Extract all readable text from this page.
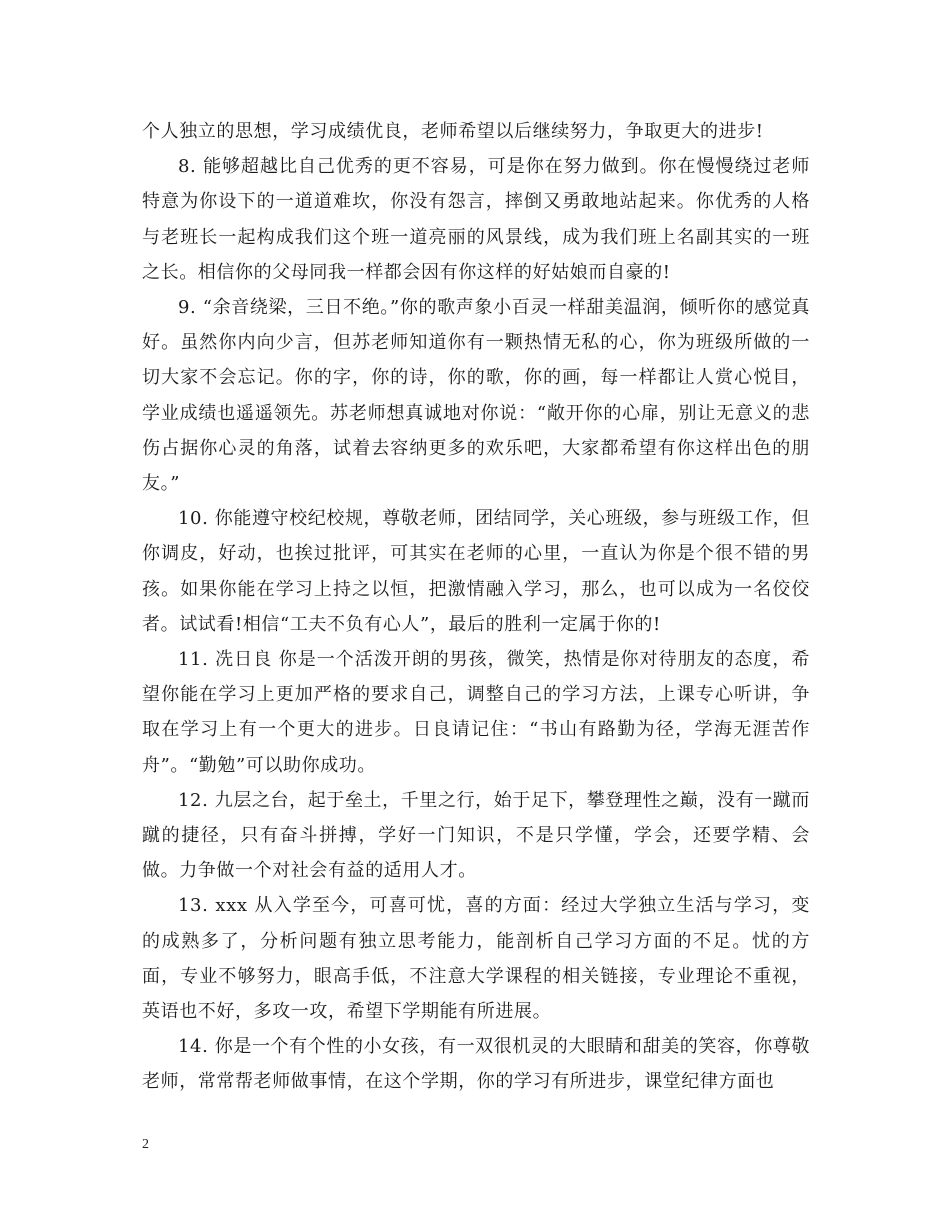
个人独立的思想，学习成绩优良，老师希望以后继续努力，争取更大的进步!

8. 能够超越比自己优秀的更不容易，可是你在努力做到。你在慢慢绕过老师特意为你设下的一道道难坎，你没有怨言，摔倒又勇敢地站起来。你优秀的人格与老班长一起构成我们这个班一道亮丽的风景线，成为我们班上名副其实的一班之长。相信你的父母同我一样都会因有你这样的好姑娘而自豪的!

9. “余音绕梁，三日不绝。”你的歌声象小百灵一样甜美温润，倾听你的感觉真好。虽然你内向少言，但苏老师知道你有一颗热情无私的心，你为班级所做的一切大家不会忘记。你的字，你的诗，你的歌，你的画，每一样都让人赏心悦目，学业成绩也遥遥领先。苏老师想真诚地对你说：“敞开你的心扉，别让无意义的悲伤占据你心灵的角落，试着去容纳更多的欢乐吧，大家都希望有你这样出色的朋友。”

10. 你能遵守校纪校规，尊敬老师，团结同学，关心班级，参与班级工作，但你调皮，好动，也挨过批评，可其实在老师的心里，一直认为你是个很不错的男孩。如果你能在学习上持之以恒，把激情融入学习，那么，也可以成为一名佼佼者。试试看!相信“工夫不负有心人”，最后的胜利一定属于你的!

11. 冼日良 你是一个活泼开朗的男孩，微笑，热情是你对待朋友的态度，希望你能在学习上更加严格的要求自己，调整自己的学习方法，上课专心听讲，争取在学习上有一个更大的进步。日良请记住：“书山有路勤为径，学海无涯苦作舟”。“勤勉”可以助你成功。

12. 九层之台，起于垒土，千里之行，始于足下，攀登理性之巅，没有一蹴而蹴的捷径，只有奋斗拼搏，学好一门知识，不是只学懂，学会，还要学精、会做。力争做一个对社会有益的适用人才。

13. xxx 从入学至今，可喜可忧，喜的方面：经过大学独立生活与学习，变的成熟多了，分析问题有独立思考能力，能剖析自己学习方面的不足。忧的方面，专业不够努力，眼高手低，不注意大学课程的相关链接，专业理论不重视，英语也不好，多攻一攻，希望下学期能有所进展。

14. 你是一个有个性的小女孩，有一双很机灵的大眼睛和甜美的笑容，你尊敬老师，常常帮老师做事情，在这个学期，你的学习有所进步，课堂纪律方面也

2
